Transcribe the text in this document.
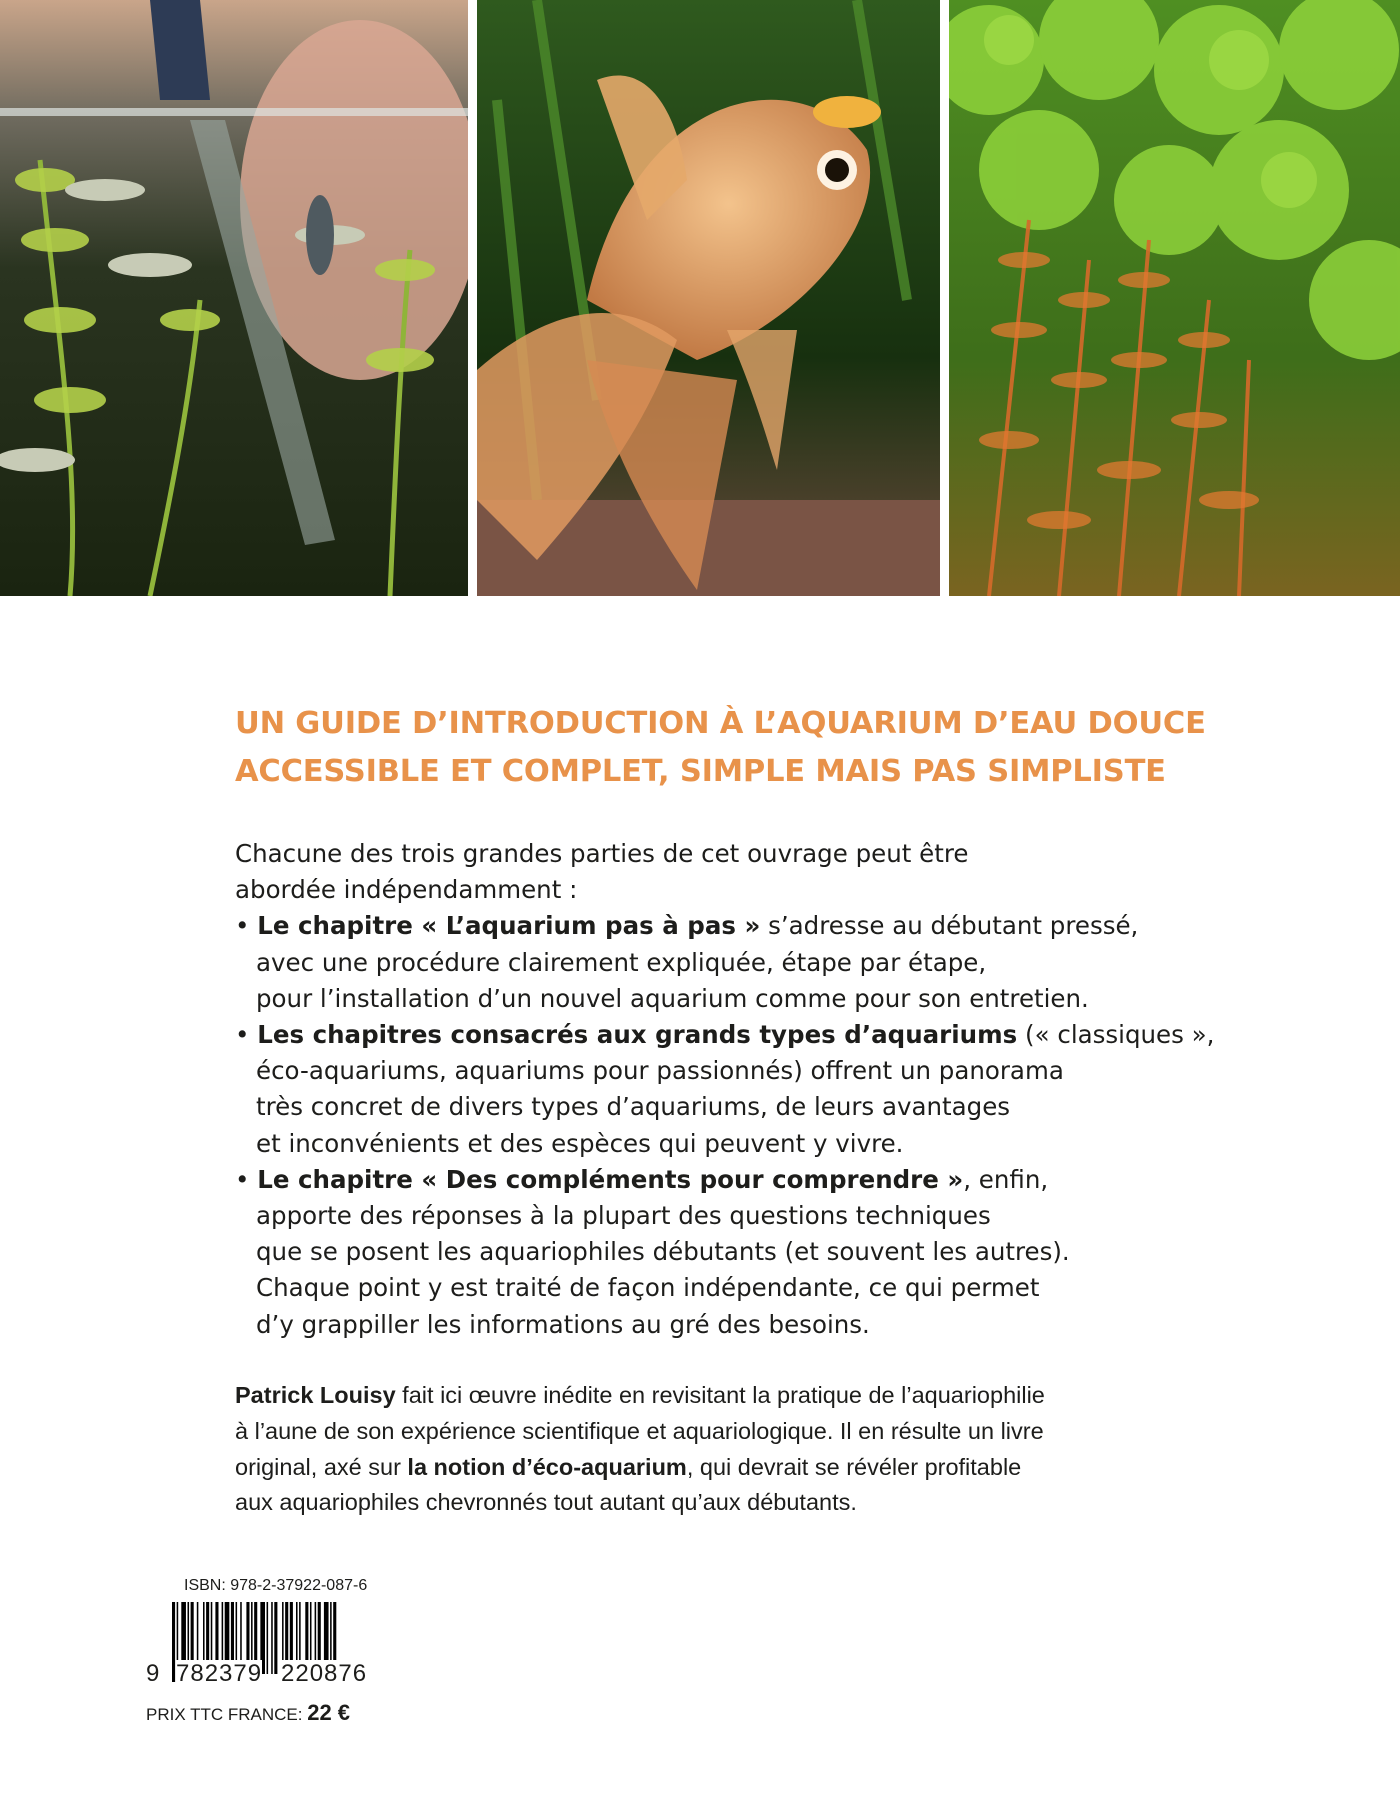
UN GUIDE D’INTRODUCTION À L’AQUARIUM D’EAU DOUCE
ACCESSIBLE ET COMPLET, SIMPLE MAIS PAS SIMPLISTE
Chacune des trois grandes parties de cet ouvrage peut être
abordée indépendamment :
• Le chapitre « L’aquarium pas à pas » s’adresse au débutant pressé,
avec une procédure clairement expliquée, étape par étape,
pour l’installation d’un nouvel aquarium comme pour son entretien.
• Les chapitres consacrés aux grands types d’aquariums (« classiques »,
éco-aquariums, aquariums pour passionnés) offrent un panorama
très concret de divers types d’aquariums, de leurs avantages
et inconvénients et des espèces qui peuvent y vivre.
• Le chapitre « Des compléments pour comprendre », enfin,
apporte des réponses à la plupart des questions techniques
que se posent les aquariophiles débutants (et souvent les autres).
Chaque point y est traité de façon indépendante, ce qui permet
d’y grappiller les informations au gré des besoins.
Patrick Louisy fait ici œuvre inédite en revisitant la pratique de l’aquariophilie
à l’aune de son expérience scientifique et aquariologique. Il en résulte un livre
original, axé sur la notion d’éco-aquarium, qui devrait se révéler profitable
aux aquariophiles chevronnés tout autant qu’aux débutants.
ISBN: 978-2-37922-087-6
9 782379 220876
PRIX TTC FRANCE: 22 €
